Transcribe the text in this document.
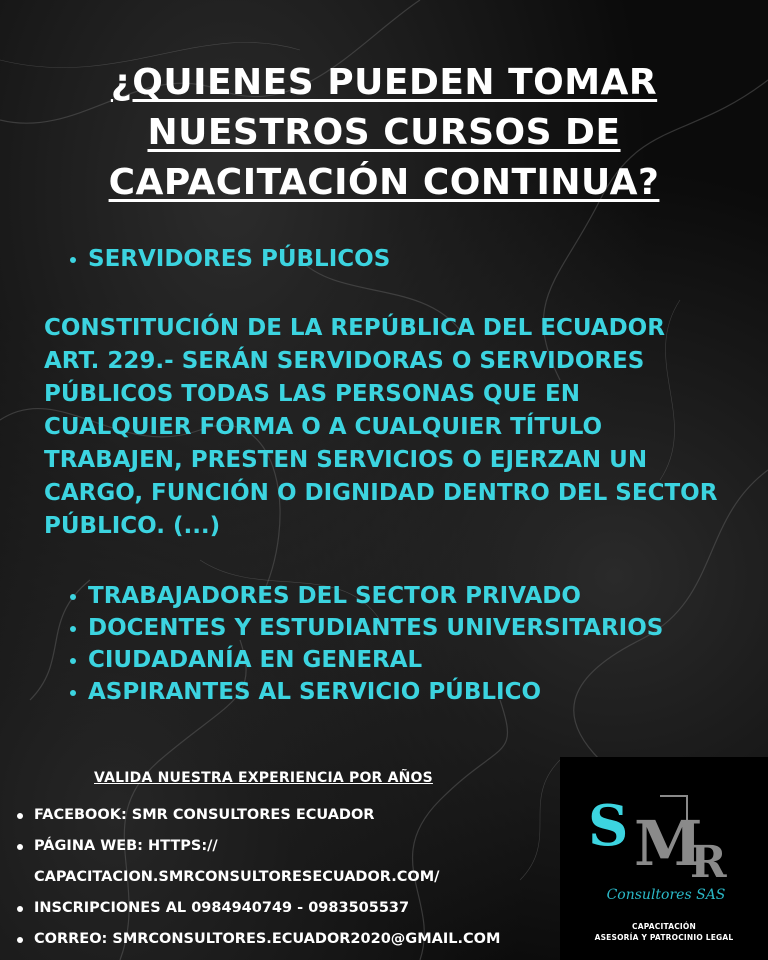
¿QUIENES PUEDEN TOMAR
NUESTROS CURSOS DE
CAPACITACIÓN CONTINUA?
SERVIDORES PÚBLICOS
CONSTITUCIÓN DE LA REPÚBLICA DEL ECUADOR
ART. 229.- SERÁN SERVIDORAS O SERVIDORES
PÚBLICOS TODAS LAS PERSONAS QUE EN
CUALQUIER FORMA O A CUALQUIER TÍTULO
TRABAJEN, PRESTEN SERVICIOS O EJERZAN UN
CARGO, FUNCIÓN O DIGNIDAD DENTRO DEL SECTOR
PÚBLICO. (...)
TRABAJADORES DEL SECTOR PRIVADO
DOCENTES Y ESTUDIANTES UNIVERSITARIOS
CIUDADANÍA EN GENERAL
ASPIRANTES AL SERVICIO PÚBLICO
VALIDA NUESTRA EXPERIENCIA POR AÑOS
FACEBOOK: SMR CONSULTORES ECUADOR
PÁGINA WEB: HTTPS://
CAPACITACION.SMRCONSULTORESECUADOR.COM/
INSCRIPCIONES AL 0984940749 - 0983505537
CORREO: SMRCONSULTORES.ECUADOR2020@GMAIL.COM
S M
R
Consultores SAS
CAPACITACIÓN
ASESORÍA Y PATROCINIO LEGAL
